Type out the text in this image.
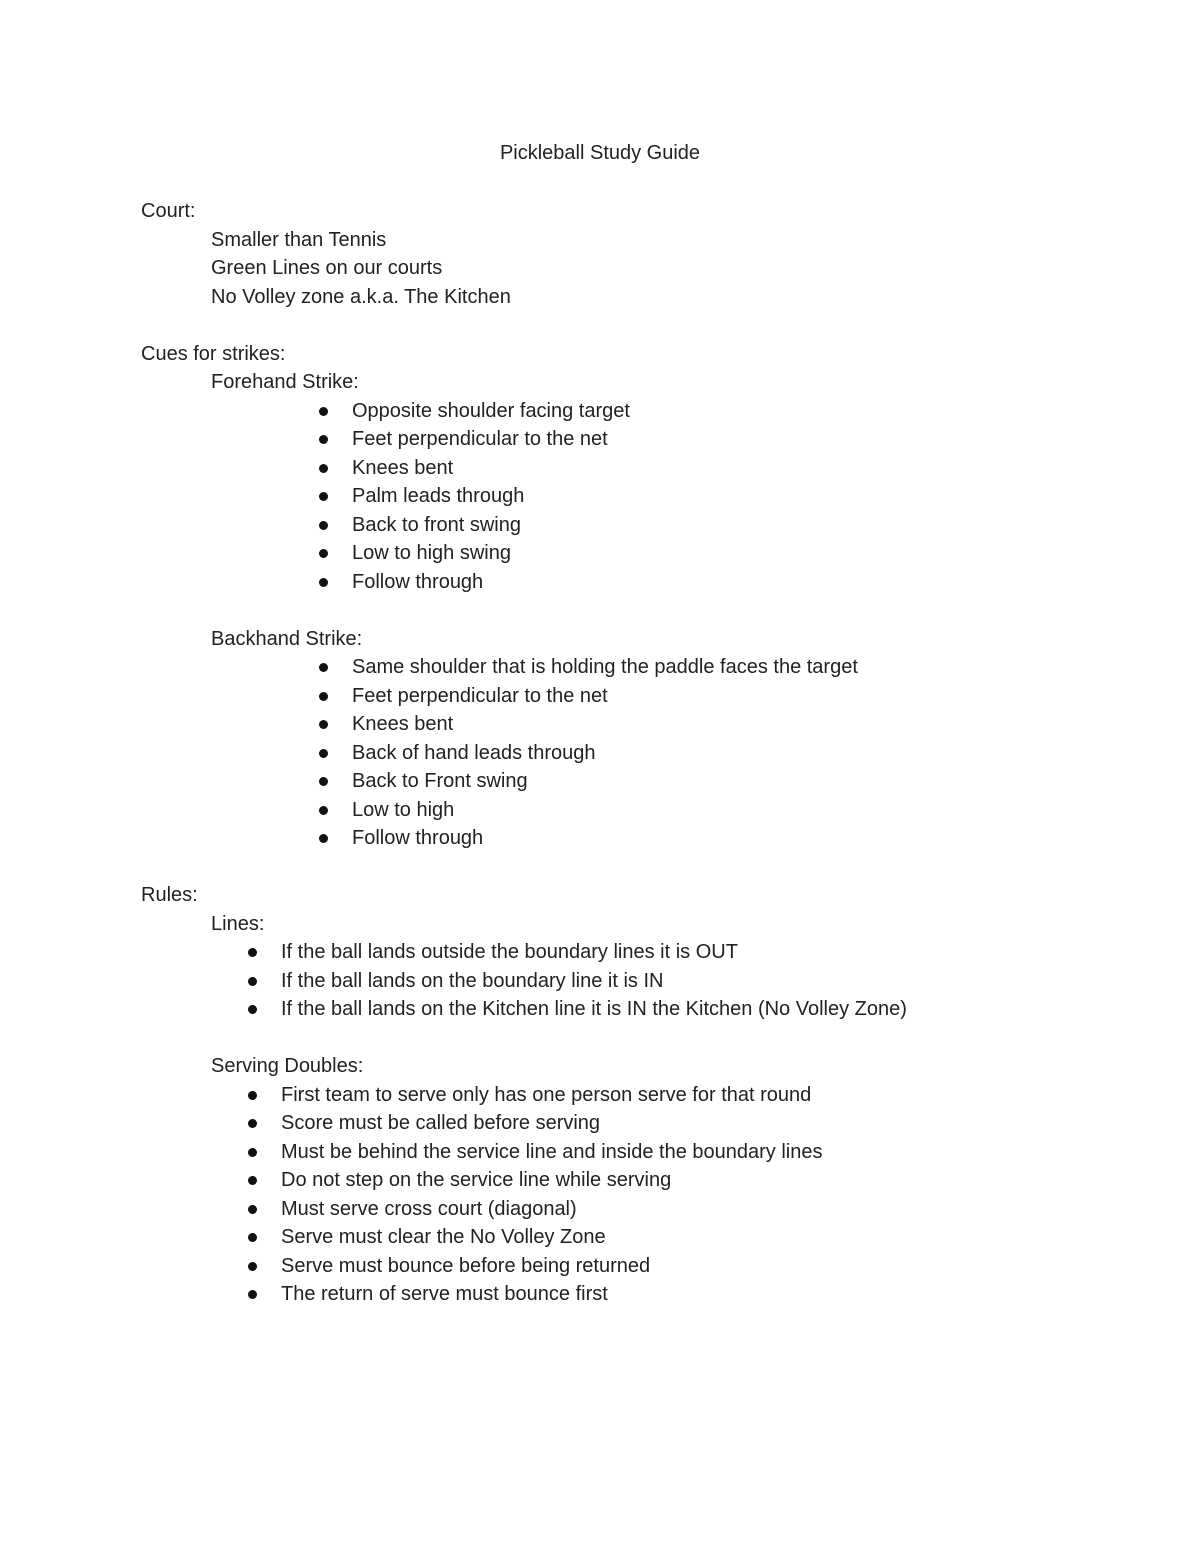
Pickleball Study Guide
Court:
Smaller than Tennis
Green Lines on our courts
No Volley zone a.k.a. The Kitchen
Cues for strikes:
Forehand Strike:
Opposite shoulder facing target
Feet perpendicular to the net
Knees bent
Palm leads through
Back to front swing
Low to high swing
Follow through
Backhand Strike:
Same shoulder that is holding the paddle faces the target
Feet perpendicular to the net
Knees bent
Back of hand leads through
Back to Front swing
Low to high
Follow through
Rules:
Lines:
If the ball lands outside the boundary lines it is OUT
If the ball lands on the boundary line it is IN
If the ball lands on the Kitchen line it is IN the Kitchen (No Volley Zone)
Serving Doubles:
First team to serve only has one person serve for that round
Score must be called before serving
Must be behind the service line and inside the boundary lines
Do not step on the service line while serving
Must serve cross court (diagonal)
Serve must clear the No Volley Zone
Serve must bounce before being returned
The return of serve must bounce first
